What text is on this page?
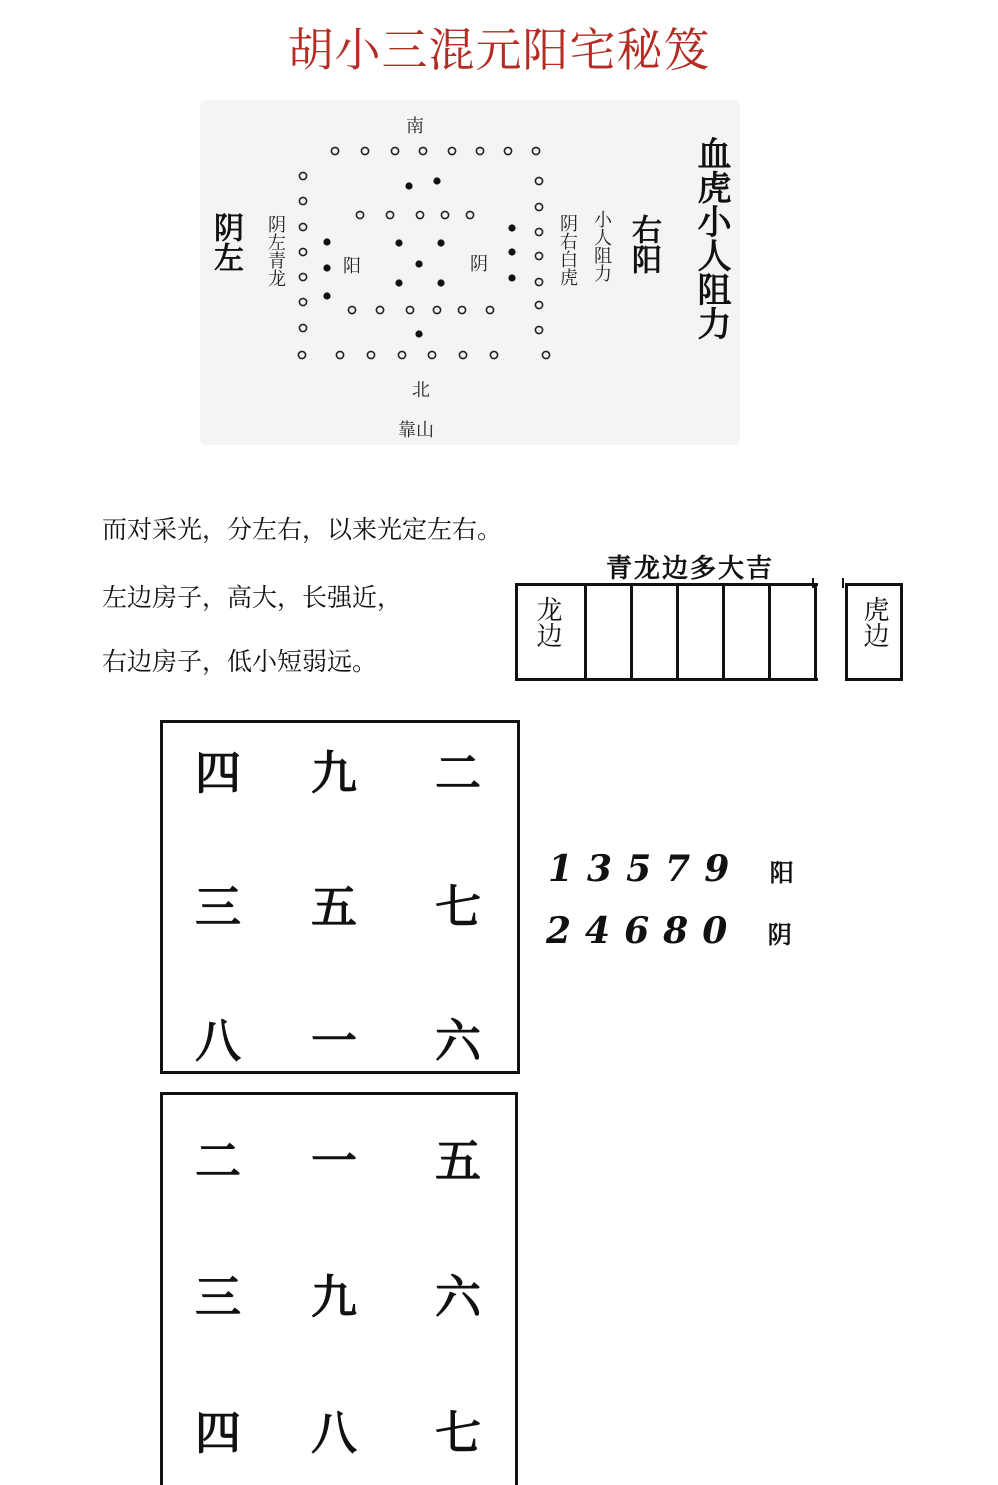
胡小三混元阳宅秘笈
南
北
靠山
阳	阴
阴左 阴左青龙	阴右白虎 小人阻力 右阳 血虎小人阻力
而对采光，分左右，以来光定左右。
左边房子，高大，长强近，
右边房子，低小短弱远。
青龙边多大吉
龙边	虎边
四	九	二
三	五	七
八	一	六
13579 阳
24680 阴
二	一	五
三	九	六
四	八	七
